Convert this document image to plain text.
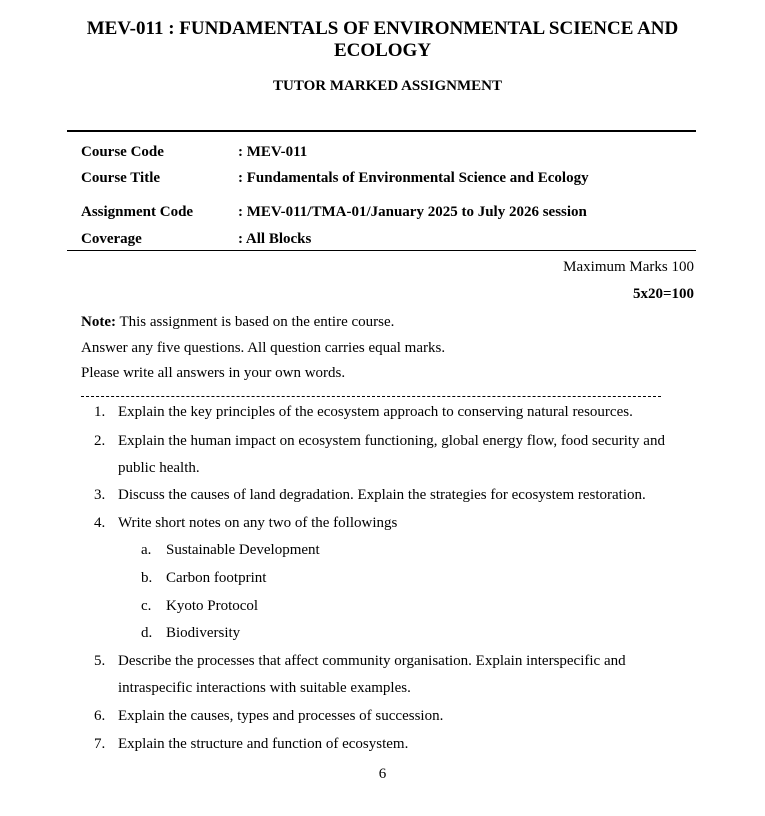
MEV-011 : FUNDAMENTALS OF ENVIRONMENTAL SCIENCE AND
ECOLOGY
TUTOR MARKED ASSIGNMENT
Course Code	: MEV-011
Course Title	: Fundamentals of Environmental Science and Ecology
Assignment Code	: MEV-011/TMA-01/January 2025 to July 2026 session
Coverage	: All Blocks
Maximum Marks 100
5x20=100
Note: This assignment is based on the entire course.
Answer any five questions. All question carries equal marks.
Please write all answers in your own words.
1. Explain the key principles of the ecosystem approach to conserving natural resources.
2. Explain the human impact on ecosystem functioning, global energy flow, food security and
public health.
3. Discuss the causes of land degradation. Explain the strategies for ecosystem restoration.
4. Write short notes on any two of the followings
a. Sustainable Development
b. Carbon footprint
c. Kyoto Protocol
d. Biodiversity
5. Describe the processes that affect community organisation. Explain interspecific and
intraspecific interactions with suitable examples.
6. Explain the causes, types and processes of succession.
7. Explain the structure and function of ecosystem.
6
